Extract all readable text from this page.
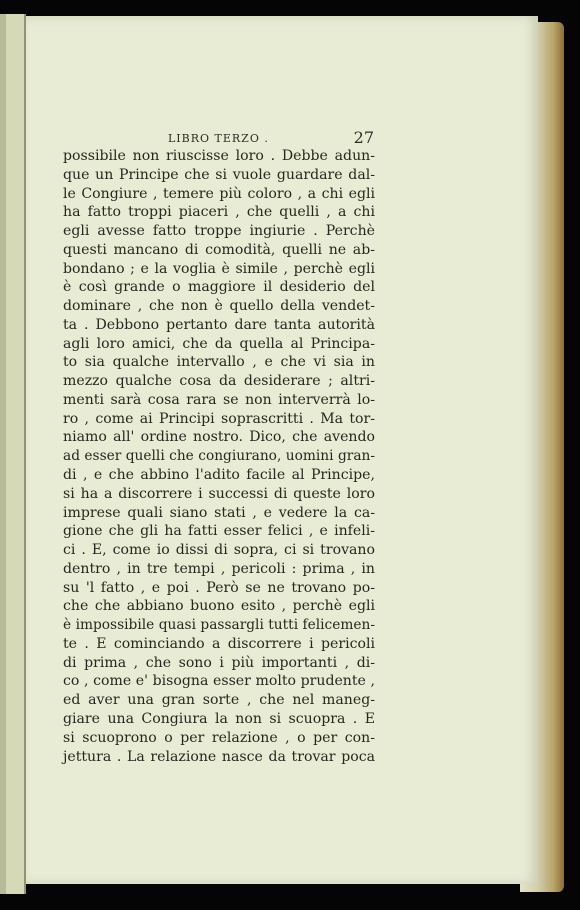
LIBRO TERZO .	27
possibile non riuscisse loro . Debbe adun-
que un Principe che si vuole guardare dal-
le Congiure , temere più coloro , a chi egli
ha fatto troppi piaceri , che quelli , a chi
egli avesse fatto troppe ingiurie . Perchè
questi mancano di comodità, quelli ne ab-
bondano ; e la voglia è simile , perchè egli
è così grande o maggiore il desiderio del
dominare , che non è quello della vendet-
ta . Debbono pertanto dare tanta autorità
agli loro amici, che da quella al Principa-
to sia qualche intervallo , e che vi sia in
mezzo qualche cosa da desiderare ; altri-
menti sarà cosa rara se non interverrà lo-
ro , come ai Principi soprascritti . Ma tor-
niamo all' ordine nostro. Dico, che avendo
ad esser quelli che congiurano, uomini gran-
di , e che abbino l'adito facile al Principe,
si ha a discorrere i successi di queste loro
imprese quali siano stati , e vedere la ca-
gione che gli ha fatti esser felici , e infeli-
ci . E, come io dissi di sopra, ci si trovano
dentro , in tre tempi , pericoli : prima , in
su 'l fatto , e poi . Però se ne trovano po-
che che abbiano buono esito , perchè egli
è impossibile quasi passargli tutti felicemen-
te . E cominciando a discorrere i pericoli
di prima , che sono i più importanti , di-
co , come e' bisogna esser molto prudente ,
ed aver una gran sorte , che nel maneg-
giare una Congiura la non si scuopra . E
si scuoprono o per relazione , o per con-
jettura . La relazione nasce da trovar poca
